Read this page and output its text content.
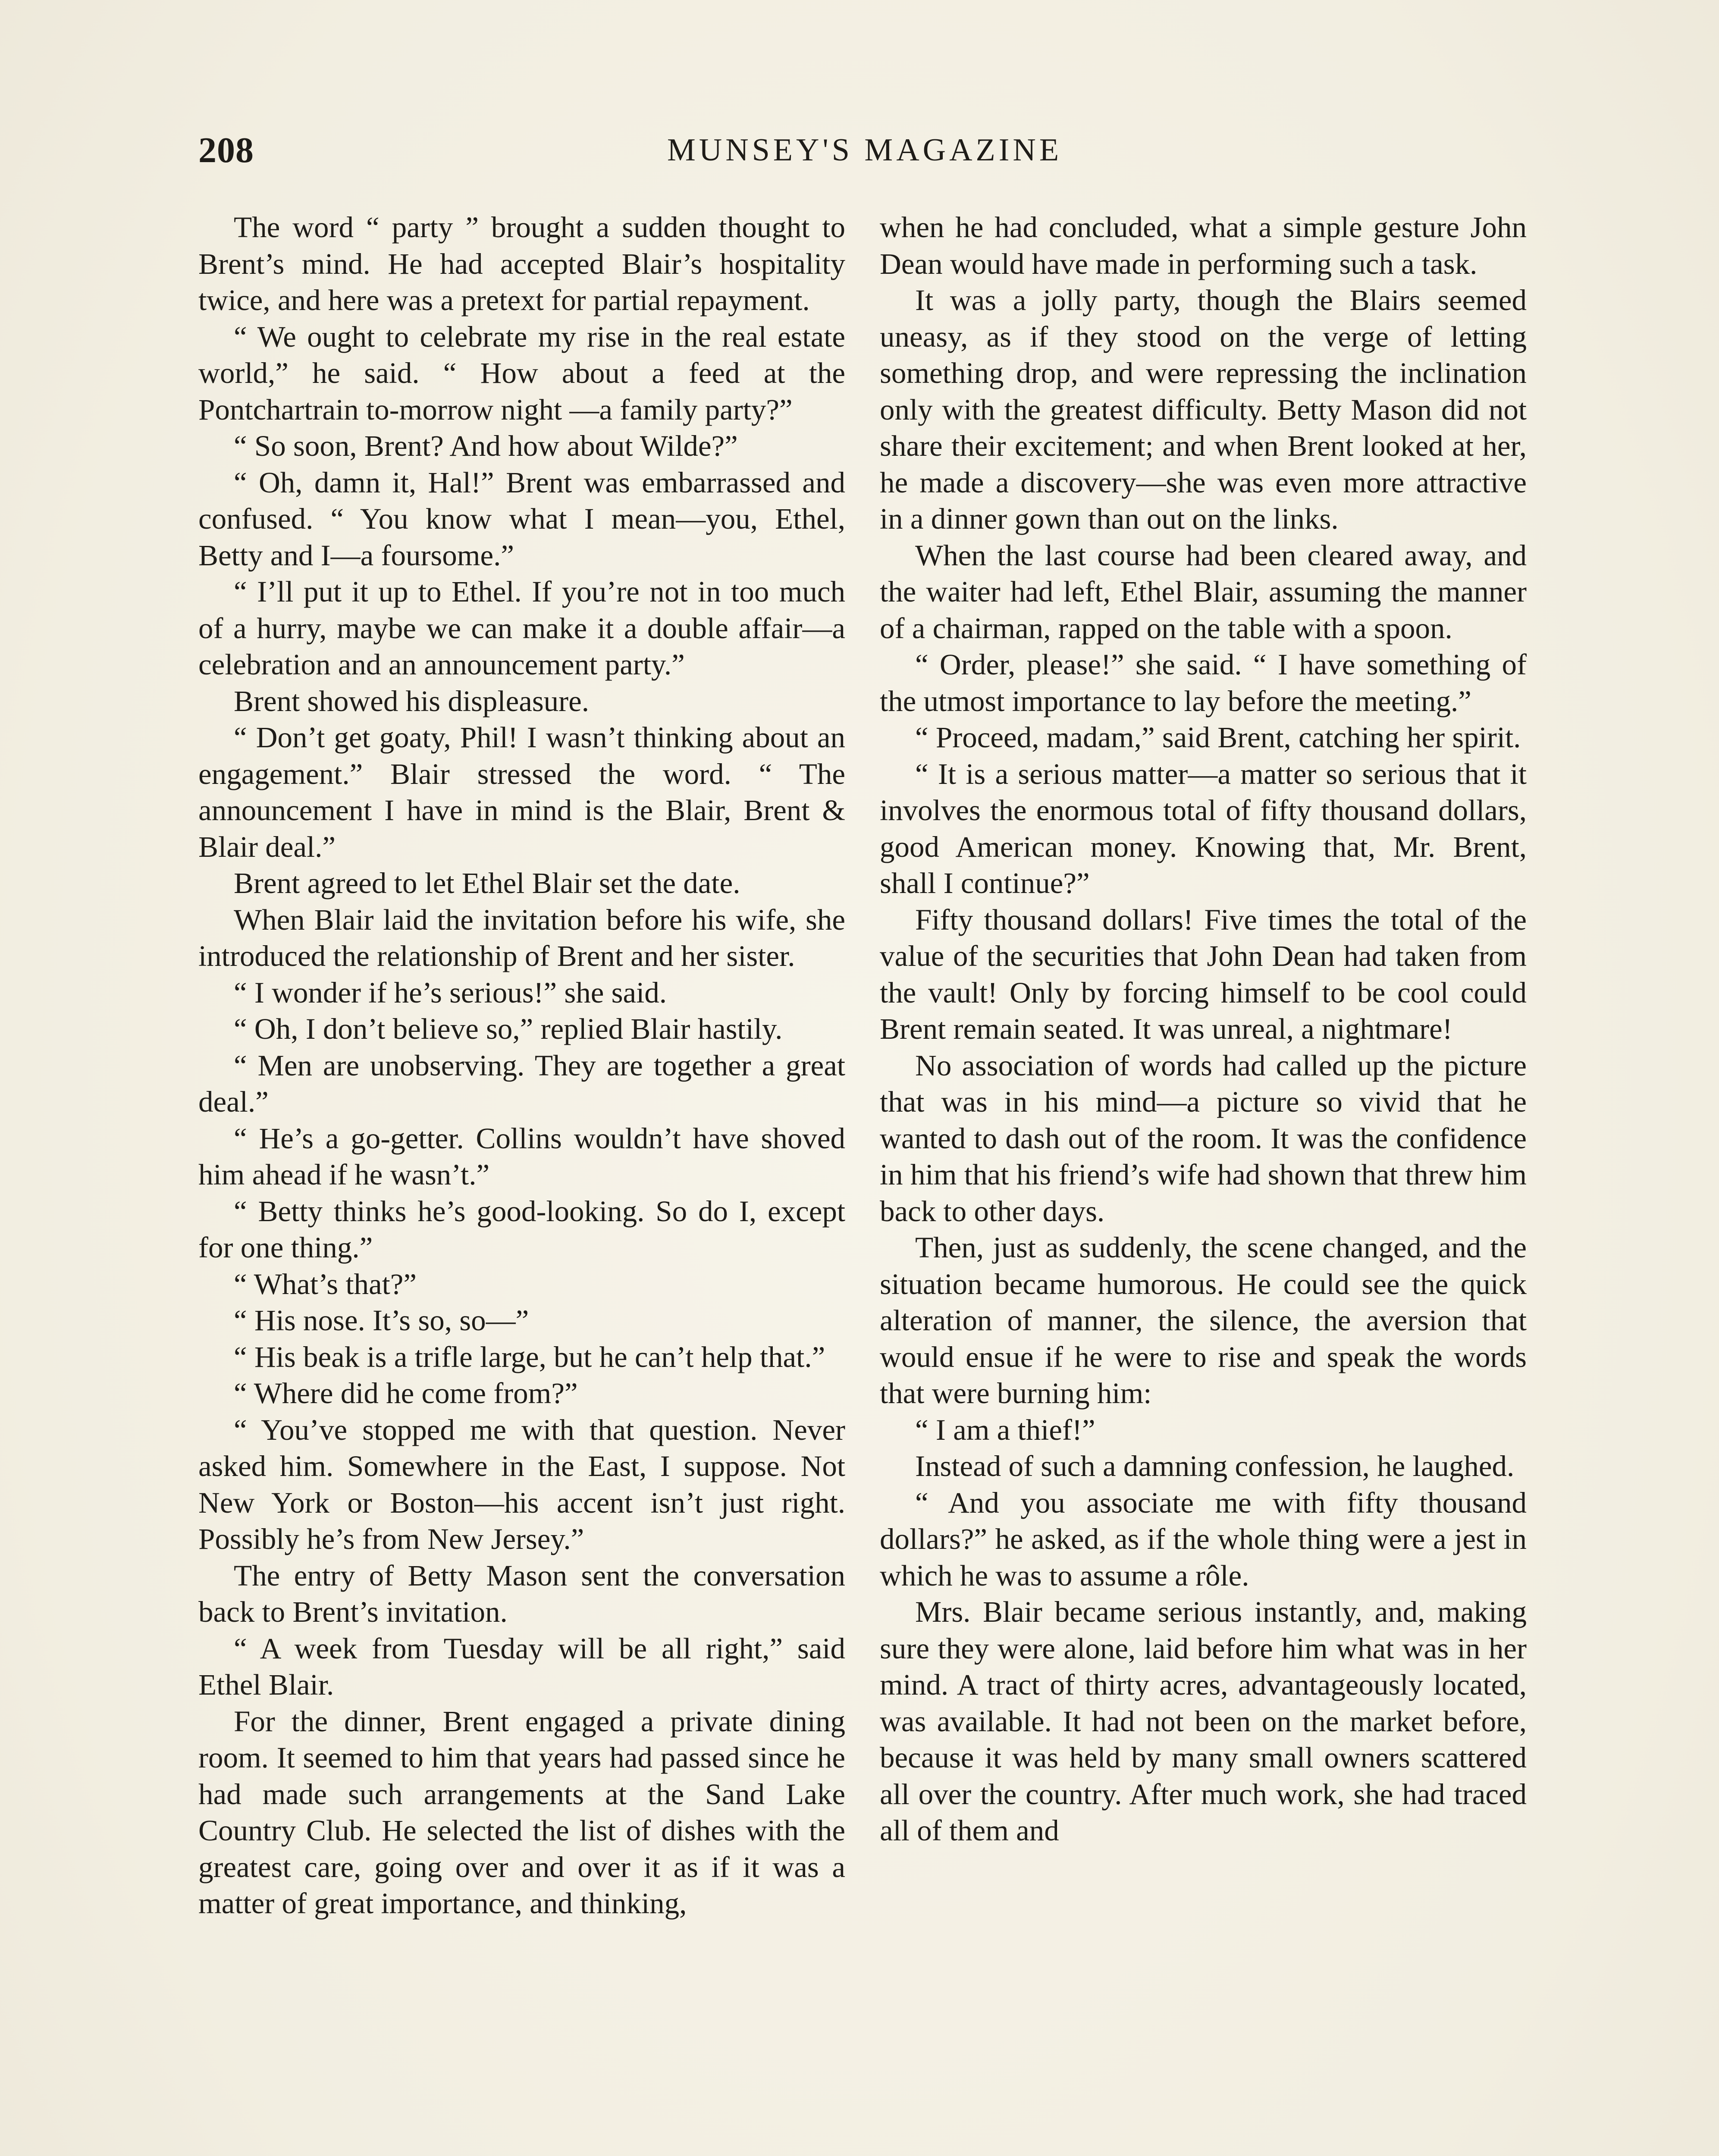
208	MUNSEY'S MAGAZINE

The word “ party ” brought a sudden thought to Brent’s mind. He had accepted Blair’s hospitality twice, and here was a pretext for partial repayment.

“ We ought to celebrate my rise in the real estate world,” he said. “ How about a feed at the Pontchartrain to-morrow night —a family party?”

“ So soon, Brent? And how about Wilde?”

“ Oh, damn it, Hal!” Brent was embarrassed and confused. “ You know what I mean—you, Ethel, Betty and I—a foursome.”

“ I’ll put it up to Ethel. If you’re not in too much of a hurry, maybe we can make it a double affair—a celebration and an announcement party.”

Brent showed his displeasure.

“ Don’t get goaty, Phil! I wasn’t thinking about an engagement.” Blair stressed the word. “ The announcement I have in mind is the Blair, Brent & Blair deal.”

Brent agreed to let Ethel Blair set the date.

When Blair laid the invitation before his wife, she introduced the relationship of Brent and her sister.

“ I wonder if he’s serious!” she said.

“ Oh, I don’t believe so,” replied Blair hastily.

“ Men are unobserving. They are together a great deal.”

“ He’s a go-getter. Collins wouldn’t have shoved him ahead if he wasn’t.”

“ Betty thinks he’s good-looking. So do I, except for one thing.”

“ What’s that?”

“ His nose. It’s so, so—”

“ His beak is a trifle large, but he can’t help that.”

“ Where did he come from?”

“ You’ve stopped me with that question. Never asked him. Somewhere in the East, I suppose. Not New York or Boston—his accent isn’t just right. Possibly he’s from New Jersey.”

The entry of Betty Mason sent the conversation back to Brent’s invitation.

“ A week from Tuesday will be all right,” said Ethel Blair.

For the dinner, Brent engaged a private dining room. It seemed to him that years had passed since he had made such arrangements at the Sand Lake Country Club. He selected the list of dishes with the greatest care, going over and over it as if it was a matter of great importance, and thinking,

when he had concluded, what a simple gesture John Dean would have made in performing such a task.

It was a jolly party, though the Blairs seemed uneasy, as if they stood on the verge of letting something drop, and were repressing the inclination only with the greatest difficulty. Betty Mason did not share their excitement; and when Brent looked at her, he made a discovery—she was even more attractive in a dinner gown than out on the links.

When the last course had been cleared away, and the waiter had left, Ethel Blair, assuming the manner of a chairman, rapped on the table with a spoon.

“ Order, please!” she said. “ I have something of the utmost importance to lay before the meeting.”

“ Proceed, madam,” said Brent, catching her spirit.

“ It is a serious matter—a matter so serious that it involves the enormous total of fifty thousand dollars, good American money. Knowing that, Mr. Brent, shall I continue?”

Fifty thousand dollars! Five times the total of the value of the securities that John Dean had taken from the vault! Only by forcing himself to be cool could Brent remain seated. It was unreal, a nightmare!

No association of words had called up the picture that was in his mind—a picture so vivid that he wanted to dash out of the room. It was the confidence in him that his friend’s wife had shown that threw him back to other days.

Then, just as suddenly, the scene changed, and the situation became humorous. He could see the quick alteration of manner, the silence, the aversion that would ensue if he were to rise and speak the words that were burning him:

“ I am a thief!”

Instead of such a damning confession, he laughed.

“ And you associate me with fifty thousand dollars?” he asked, as if the whole thing were a jest in which he was to assume a rôle.

Mrs. Blair became serious instantly, and, making sure they were alone, laid before him what was in her mind. A tract of thirty acres, advantageously located, was available. It had not been on the market before, because it was held by many small owners scattered all over the country. After much work, she had traced all of them and
